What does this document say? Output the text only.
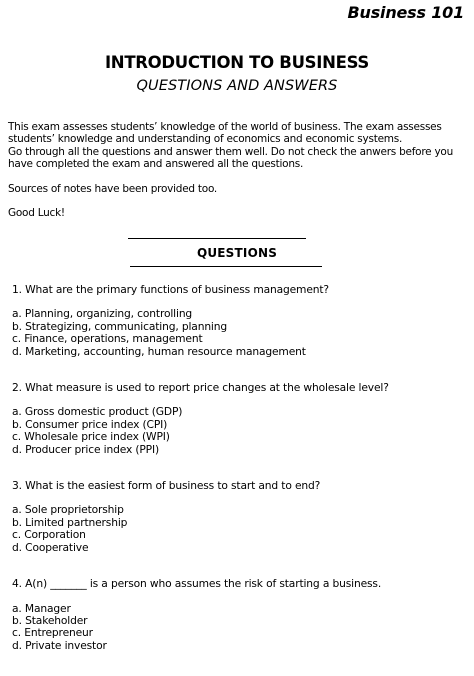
Business 101
INTRODUCTION TO BUSINESS
QUESTIONS AND ANSWERS

This exam assesses students’ knowledge of the world of business. The exam assesses

students’ knowledge and understanding of economics and economic systems.

Go through all the questions and answer them well. Do not check the anwers before you

have completed the exam and answered all the questions.

Sources of notes have been provided too.

Good Luck!

QUESTIONS

1. What are the primary functions of business management?

a. Planning, organizing, controlling

b. Strategizing, communicating, planning

c. Finance, operations, management

d. Marketing, accounting, human resource management

2. What measure is used to report price changes at the wholesale level?

a. Gross domestic product (GDP)

b. Consumer price index (CPI)

c. Wholesale price index (WPI)

d. Producer price index (PPI)

3. What is the easiest form of business to start and to end?

a. Sole proprietorship

b. Limited partnership

c. Corporation

d. Cooperative

4. A(n) _______ is a person who assumes the risk of starting a business.

a. Manager

b. Stakeholder

c. Entrepreneur

d. Private investor
